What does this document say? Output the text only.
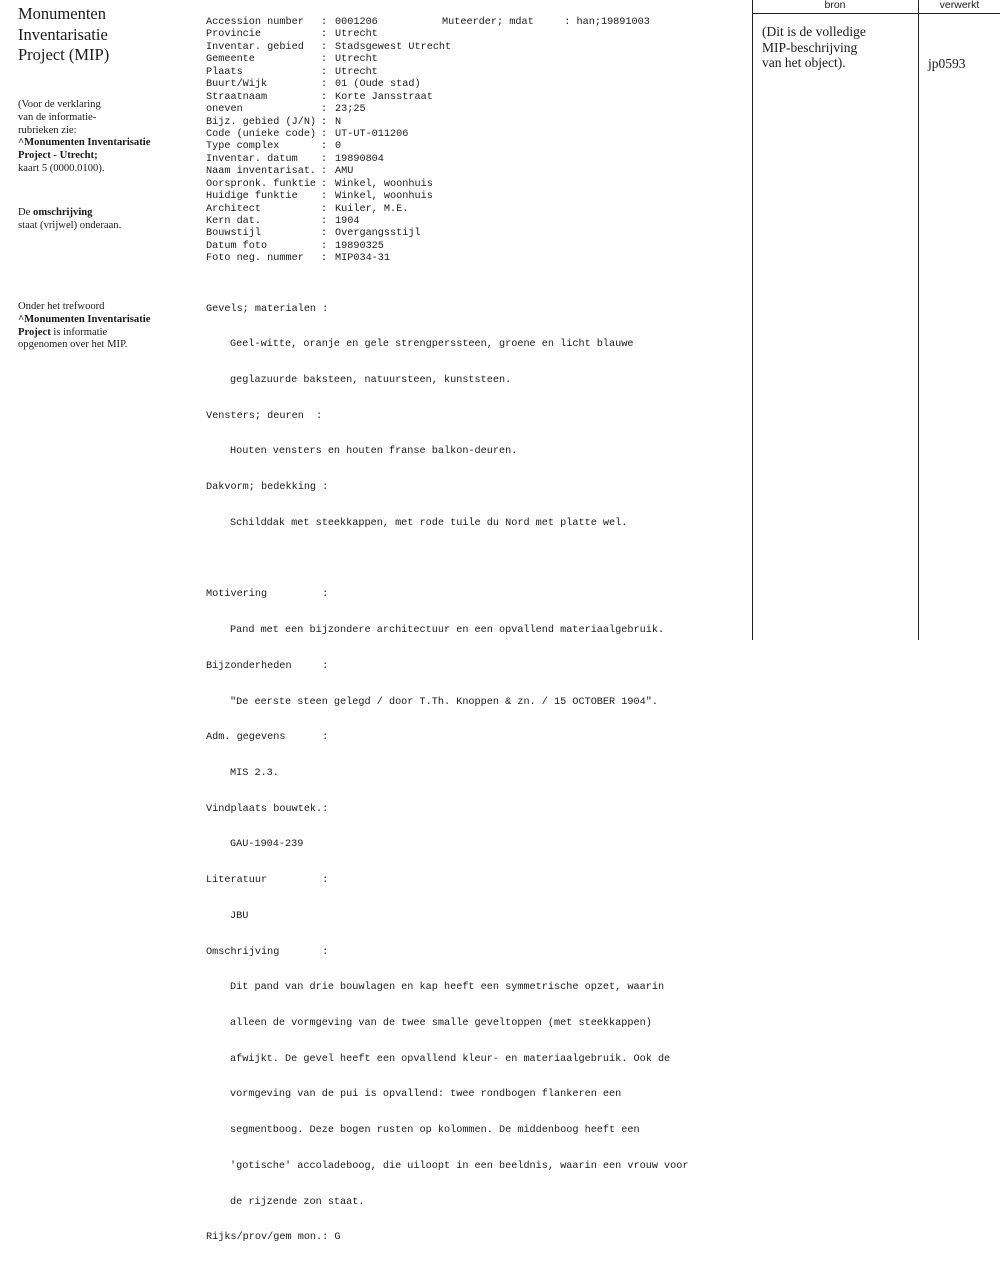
Monumenten
Inventarisatie
Project (MIP)
(Voor de verklaring
van de informatie-
rubrieken zie:
^Monumenten Inventarisatie
Project - Utrecht;
kaart 5 (0000.0100).
De omschrijving
staat (vrijwel) onderaan.
Onder het trefwoord
^Monumenten Inventarisatie
Project is informatie
opgenomen over het MIP.
Muteerder; mdat     : han;19891003
Accession number	: 0001206
Provincie	: Utrecht
Inventar. gebied	: Stadsgewest Utrecht
Gemeente	: Utrecht
Plaats	: Utrecht
Buurt/Wijk	: 01 (Oude stad)
Straatnaam	: Korte Jansstraat
oneven	: 23;25
Bijz. gebied (J/N) : N
Code (unieke code) : UT-UT-011206
Type complex	: 0
Inventar. datum	: 19890804
Naam inventarisat. : AMU
Oorspronk. funktie : Winkel, woonhuis
Huidige funktie	: Winkel, woonhuis
Architect	: Kuiler, M.E.
Kern dat.	: 1904
Bouwstijl	: Overgangsstijl
Datum foto	: 19890325
Foto neg. nummer	: MIP034-31

Gevels; materialen :

Geel-witte, oranje en gele strengperssteen, groene en licht blauwe

geglazuurde baksteen, natuursteen, kunststeen.

Vensters; deuren  :

Houten vensters en houten franse balkon-deuren.

Dakvorm; bedekking :

Schilddak met steekkappen, met rode tuile du Nord met platte wel.

Motivering         :

Pand met een bijzondere architectuur en een opvallend materiaalgebruik.

Bijzonderheden     :

"De eerste steen gelegd / door T.Th. Knoppen & zn. / 15 OCTOBER 1904".

Adm. gegevens      :

MIS 2.3.

Vindplaats bouwtek.:

GAU-1904-239

Literatuur         :

JBU

Omschrijving       :

Dit pand van drie bouwlagen en kap heeft een symmetrische opzet, waarin

alleen de vormgeving van de twee smalle geveltoppen (met steekkappen)

afwijkt. De gevel heeft een opvallend kleur- en materiaalgebruik. Ook de

vormgeving van de pui is opvallend: twee rondbogen flankeren een

segmentboog. Deze bogen rusten op kolommen. De middenboog heeft een

'gotische' accoladeboog, die uiloopt in een beeldnis, waarin een vrouw voor

de rijzende zon staat.

Rijks/prov/gem mon.: G

bron	verwerkt
(Dit is de volledige
MIP-beschrijving
van het object).	jp0593
